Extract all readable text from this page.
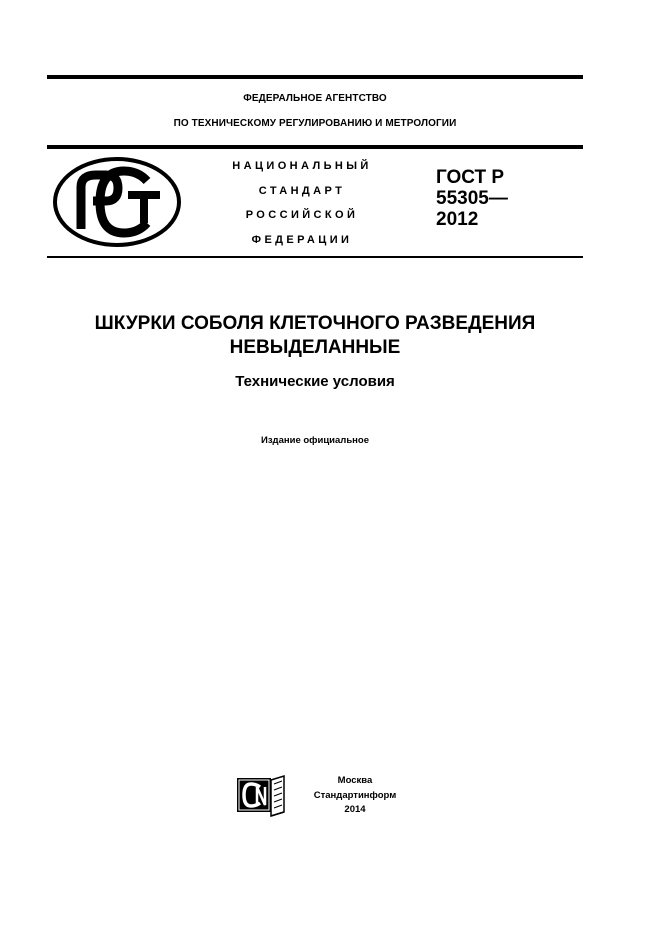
ФЕДЕРАЛЬНОЕ АГЕНТСТВО
ПО ТЕХНИЧЕСКОМУ РЕГУЛИРОВАНИЮ И МЕТРОЛОГИИ
НАЦИОНАЛЬНЫЙ
СТАНДАРТ
РОССИЙСКОЙ
ФЕДЕРАЦИИ
ГОСТ Р
55305—
2012
ШКУРКИ СОБОЛЯ КЛЕТОЧНОГО РАЗВЕДЕНИЯ
НЕВЫДЕЛАННЫЕ
Технические условия
Издание официальное
Москва
Стандартинформ
2014
